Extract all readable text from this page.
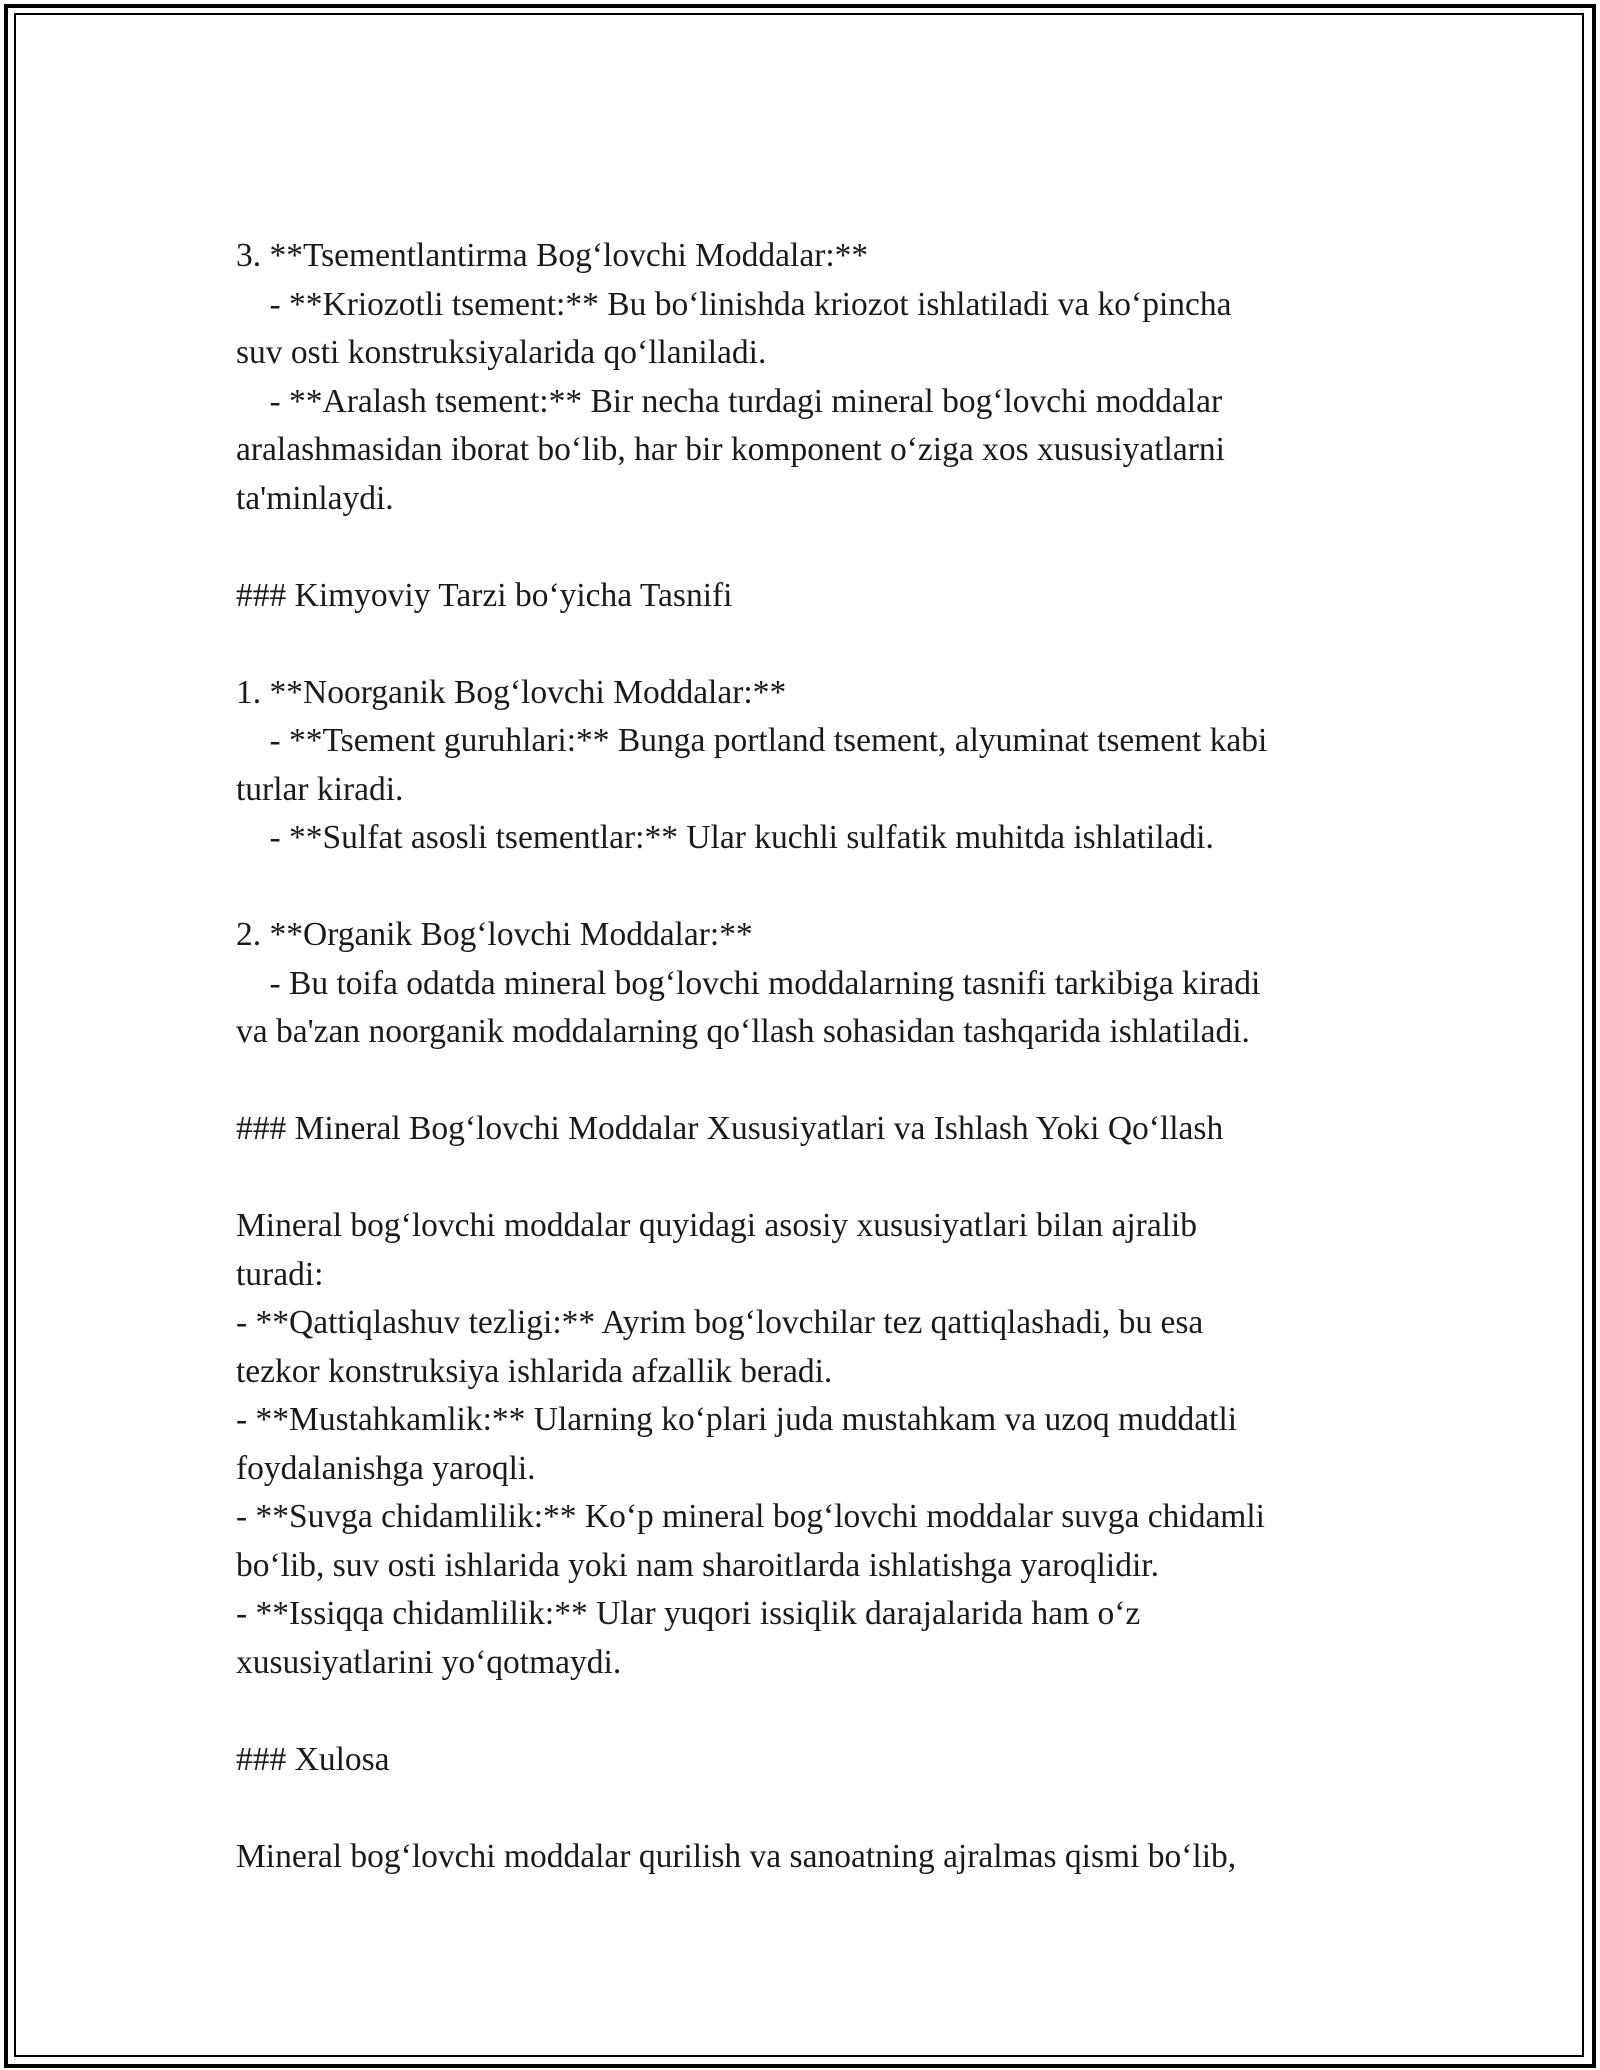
3. **Tsementlantirma Bog‘lovchi Moddalar:**
- **Kriozotli tsement:** Bu bo‘linishda kriozot ishlatiladi va ko‘pincha
suv osti konstruksiyalarida qo‘llaniladi.
- **Aralash tsement:** Bir necha turdagi mineral bog‘lovchi moddalar
aralashmasidan iborat bo‘lib, har bir komponent o‘ziga xos xususiyatlarni
ta'minlaydi.
### Kimyoviy Tarzi bo‘yicha Tasnifi
1. **Noorganik Bog‘lovchi Moddalar:**
- **Tsement guruhlari:** Bunga portland tsement, alyuminat tsement kabi
turlar kiradi.
- **Sulfat asosli tsementlar:** Ular kuchli sulfatik muhitda ishlatiladi.
2. **Organik Bog‘lovchi Moddalar:**
- Bu toifa odatda mineral bog‘lovchi moddalarning tasnifi tarkibiga kiradi
va ba'zan noorganik moddalarning qo‘llash sohasidan tashqarida ishlatiladi.
### Mineral Bog‘lovchi Moddalar Xususiyatlari va Ishlash Yoki Qo‘llash
Mineral bog‘lovchi moddalar quyidagi asosiy xususiyatlari bilan ajralib
turadi:
- **Qattiqlashuv tezligi:** Ayrim bog‘lovchilar tez qattiqlashadi, bu esa
tezkor konstruksiya ishlarida afzallik beradi.
- **Mustahkamlik:** Ularning ko‘plari juda mustahkam va uzoq muddatli
foydalanishga yaroqli.
- **Suvga chidamlilik:** Ko‘p mineral bog‘lovchi moddalar suvga chidamli
bo‘lib, suv osti ishlarida yoki nam sharoitlarda ishlatishga yaroqlidir.
- **Issiqqa chidamlilik:** Ular yuqori issiqlik darajalarida ham o‘z
xususiyatlarini yo‘qotmaydi.
### Xulosa
Mineral bog‘lovchi moddalar qurilish va sanoatning ajralmas qismi bo‘lib,
